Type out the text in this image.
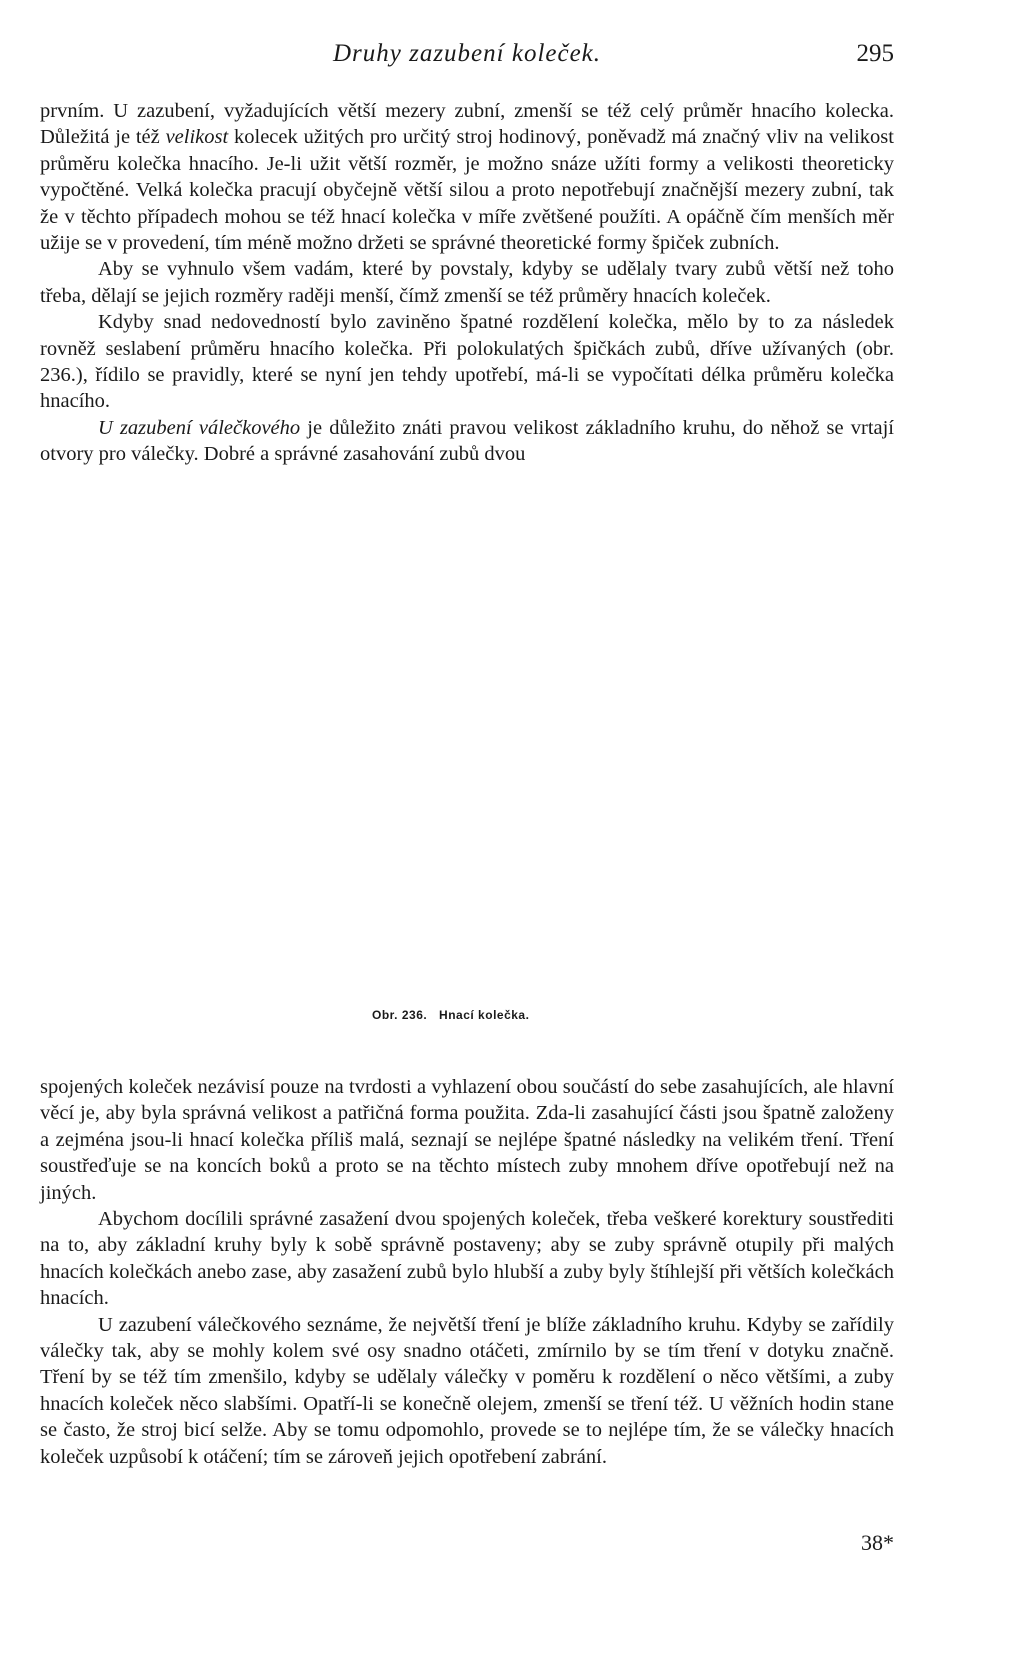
Druhy zazubení koleček.	295

prvním. U zazubení, vyžadujících větší mezery zubní, zmenší se též celý průměr hnacího kolecka. Důležitá je též velikost kolecek užitých pro určitý stroj hodinový, poněvadž má značný vliv na velikost průměru kolečka hnacího. Je-li užit větší rozměr, je možno snáze užíti formy a velikosti theoreticky vypočtěné. Velká kolečka pracují obyčejně větší silou a proto nepotřebují značnější mezery zubní, tak že v těchto případech mohou se též hnací kolečka v míře zvětšené použíti. A opáčně čím menších měr užije se v provedení, tím méně možno držeti se správné theoretické formy špiček zubních.

Aby se vyhnulo všem vadám, které by povstaly, kdyby se udělaly tvary zubů větší než toho třeba, dělají se jejich rozměry raději menší, čímž zmenší se též průměry hnacích koleček.

Kdyby snad nedovedností bylo zaviněno špatné rozdělení kolečka, mělo by to za následek rovněž seslabení průměru hnacího kolečka. Při polokulatých špičkách zubů, dříve užívaných (obr. 236.), řídilo se pravidly, které se nyní jen tehdy upotřebí, má-li se vypočítati délka průměru kolečka hnacího.

U zazubení válečkového je důležito znáti pravou velikost základního kruhu, do něhož se vrtají otvory pro válečky. Dobré a správné zasahování zubů dvou

Obr. 236. Hnací kolečka.

spojených koleček nezávisí pouze na tvrdosti a vyhlazení obou součástí do sebe zasahujících, ale hlavní věcí je, aby byla správná velikost a patřičná forma použita. Zda-li zasahující části jsou špatně založeny a zejména jsou-li hnací kolečka příliš malá, seznají se nejlépe špatné následky na velikém tření. Tření soustřeďuje se na koncích boků a proto se na těchto místech zuby mnohem dříve opotřebují než na jiných.

Abychom docílili správné zasažení dvou spojených koleček, třeba veškeré korektury soustřediti na to, aby základní kruhy byly k sobě správně postaveny; aby se zuby správně otupily při malých hnacích kolečkách anebo zase, aby zasažení zubů bylo hlubší a zuby byly štíhlejší při větších kolečkách hnacích.

U zazubení válečkového seznáme, že největší tření je blíže základního kruhu. Kdyby se zařídily válečky tak, aby se mohly kolem své osy snadno otáčeti, zmírnilo by se tím tření v dotyku značně. Tření by se též tím zmenšilo, kdyby se udělaly válečky v poměru k rozdělení o něco většími, a zuby hnacích koleček něco slabšími. Opatří-li se konečně olejem, zmenší se tření též. U věžních hodin stane se často, že stroj bicí selže. Aby se tomu odpomohlo, provede se to nejlépe tím, že se válečky hnacích koleček uzpůsobí k otáčení; tím se zároveň jejich opotřebení zabrání.

38*
